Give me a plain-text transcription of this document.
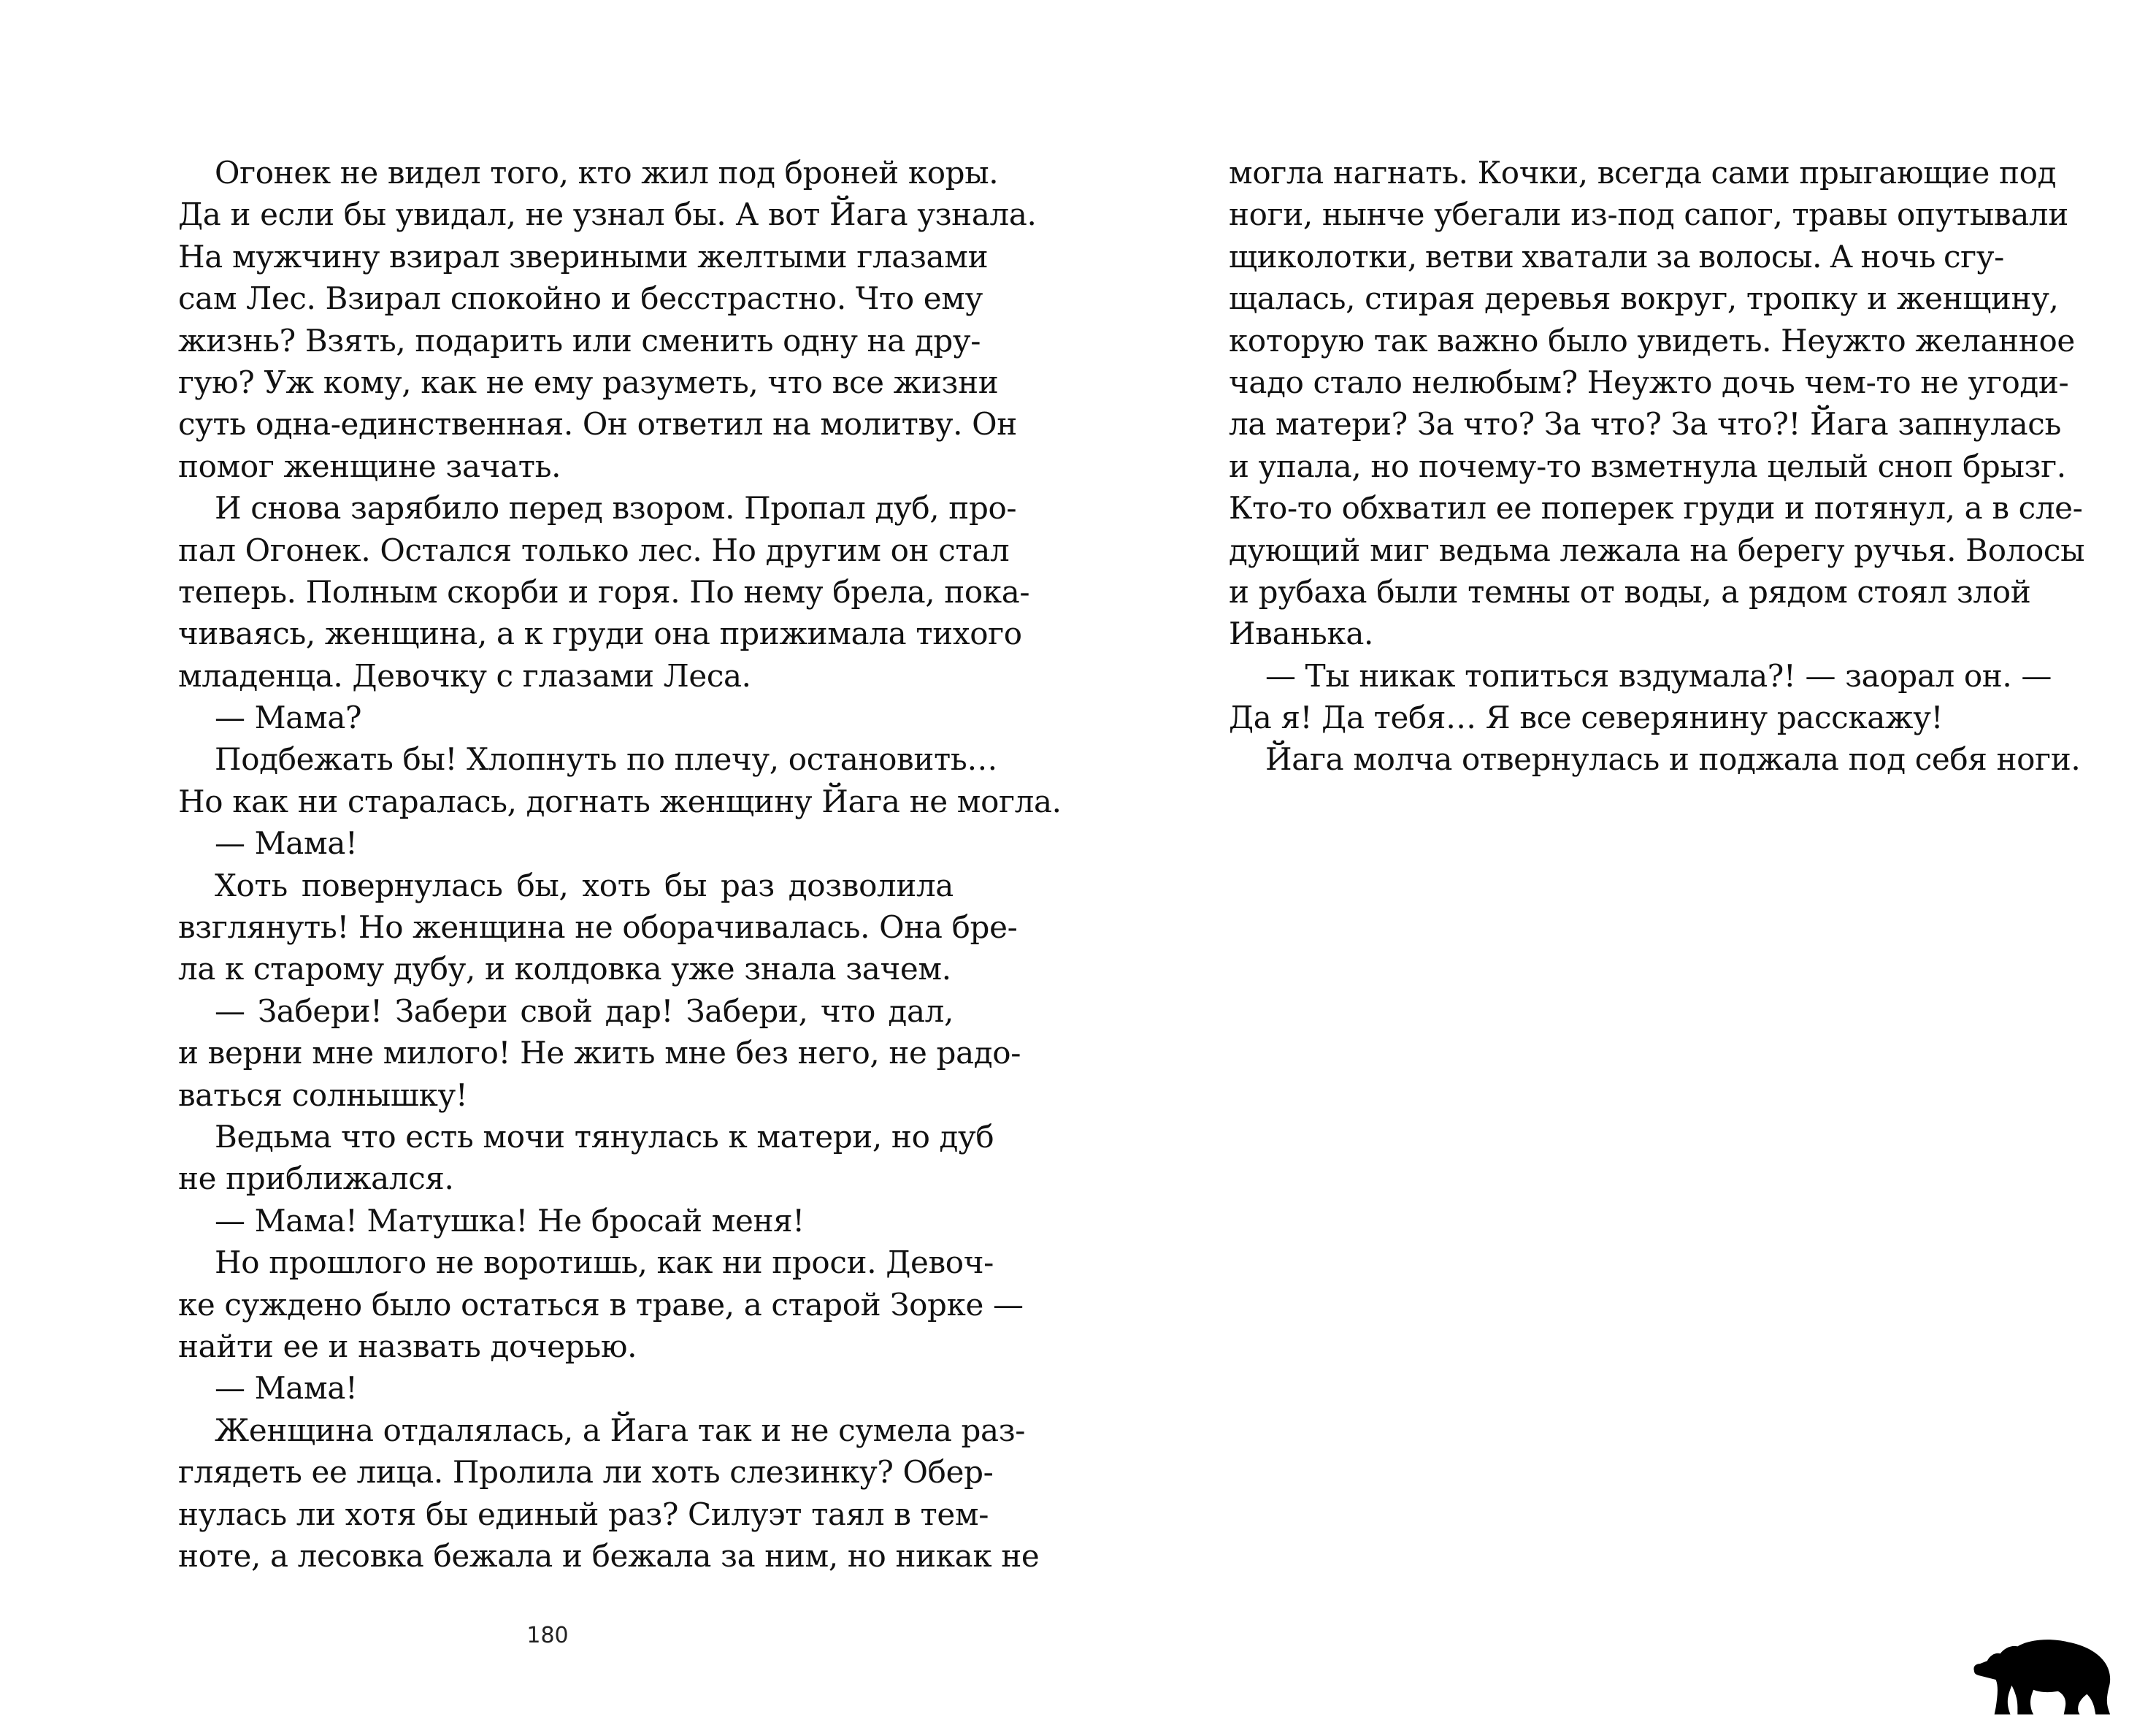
Огонек не видел того, кто жил под броней коры.
Да и если бы увидал, не узнал бы. А вот Йага узнала.
На мужчину взирал звериными желтыми глазами
сам Лес. Взирал спокойно и бесстрастно. Что ему
жизнь? Взять, подарить или сменить одну на дру-
гую? Уж кому, как не ему разуметь, что все жизни
суть одна-единственная. Он ответил на молитву. Он
помог женщине зачать.
И снова зарябило перед взором. Пропал дуб, про-
пал Огонек. Остался только лес. Но другим он стал
теперь. Полным скорби и горя. По нему брела, пока-
чиваясь, женщина, а к груди она прижимала тихого
младенца. Девочку с глазами Леса.
— Мама?
Подбежать бы! Хлопнуть по плечу, остановить…
Но как ни старалась, догнать женщину Йага не могла.
— Мама!
Хоть повернулась бы, хоть бы раз дозволила
взглянуть! Но женщина не оборачивалась. Она бре-
ла к старому дубу, и колдовка уже знала зачем.
— Забери! Забери свой дар! Забери, что дал,
и верни мне милого! Не жить мне без него, не радо-
ваться солнышку!
Ведьма что есть мочи тянулась к матери, но дуб
не приближался.
— Мама! Матушка! Не бросай меня!
Но прошлого не воротишь, как ни проси. Девоч-
ке суждено было остаться в траве, а старой Зорке —
найти ее и назвать дочерью.
— Мама!
Женщина отдалялась, а Йага так и не сумела раз-
глядеть ее лица. Пролила ли хоть слезинку? Обер-
нулась ли хотя бы единый раз? Силуэт таял в тем-
ноте, а лесовка бежала и бежала за ним, но никак не
180
могла нагнать. Кочки, всегда сами прыгающие под
ноги, нынче убегали из-под сапог, травы опутывали
щиколотки, ветви хватали за волосы. А ночь сгу-
щалась, стирая деревья вокруг, тропку и женщину,
которую так важно было увидеть. Неужто желанное
чадо стало нелюбым? Неужто дочь чем-то не угоди-
ла матери? За что? За что? За что?! Йага запнулась
и упала, но почему-то взметнула целый сноп брызг.
Кто-то обхватил ее поперек груди и потянул, а в сле-
дующий миг ведьма лежала на берегу ручья. Волосы
и рубаха были темны от воды, а рядом стоял злой
Иванька.
— Ты никак топиться вздумала?! — заорал он. —
Да я! Да тебя… Я все северянину расскажу!
Йага молча отвернулась и поджала под себя ноги.
